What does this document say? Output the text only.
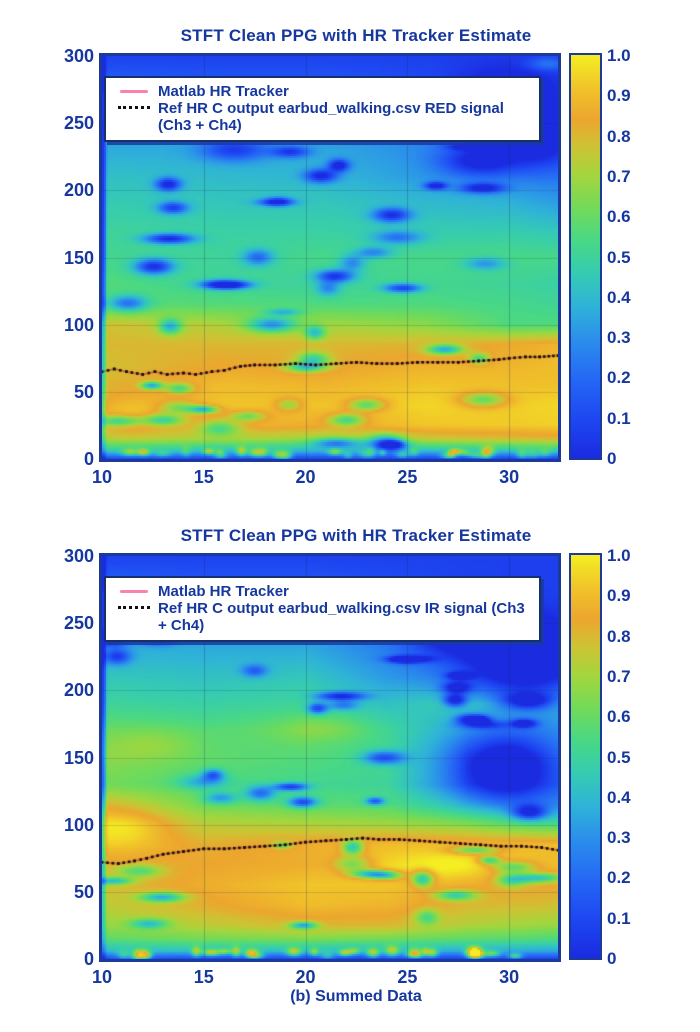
STFT Clean PPG with HR Tracker Estimate
Matlab HR Tracker
Ref HR C output earbud_walking.csv RED signal (Ch3 + Ch4)
1.0
0.9
0.8
0.7
0.6
0.5
0.4
0.3
0.2
0.1
0
0
50
100
150
200
250
300
10	15	20	25	30
STFT Clean PPG with HR Tracker Estimate
Matlab HR Tracker
Ref HR C output earbud_walking.csv IR signal (Ch3 + Ch4)
(b) Summed Data
1.0
0.9
0.8
0.7
0.6
0.5
0.4
0.3
0.2
0.1
0
0
50
100
150
200
250
300
10	15	20	25	30
